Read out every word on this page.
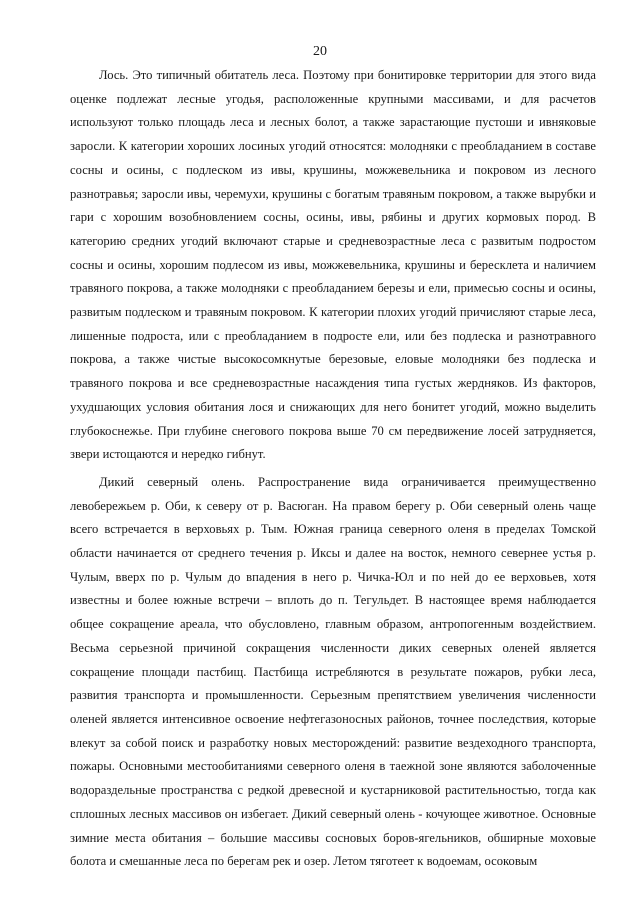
20

Лось. Это типичный обитатель леса. Поэтому при бонитировке территории для этого вида оценке подлежат лесные угодья, расположенные крупными массивами, и для расчетов используют только площадь леса и лесных болот, а также зарастающие пустоши и ивняковые заросли. К категории хороших лосиных угодий относятся: молодняки с преобладанием в составе сосны и осины, с подлеском из ивы, крушины, можжевельника и покровом из лесного разнотравья; заросли ивы, черемухи, крушины с богатым травяным покровом, а также вырубки и гари с хорошим возобновлением сосны, осины, ивы, рябины и других кормовых пород. В категорию средних угодий включают старые и средневозрастные леса с развитым подростом сосны и осины, хорошим подлесом из ивы, можжевельника, крушины и бересклета и наличием травяного покрова, а также молодняки с преобладанием березы и ели, примесью сосны и осины, развитым подлеском и травяным покровом. К категории плохих угодий причисляют старые леса, лишенные подроста, или с преобладанием в подросте ели, или без подлеска и разнотравного покрова, а также чистые высокосомкнутые березовые, еловые молодняки без подлеска и травяного покрова и все средневозрастные насаждения типа густых жердняков. Из факторов, ухудшающих условия обитания лося и снижающих для него бонитет угодий, можно выделить глубокоснежье. При глубине снегового покрова выше 70 см передвижение лосей затрудняется, звери истощаются и нередко гибнут.

Дикий северный олень. Распространение вида ограничивается преимущественно левобережьем р. Оби, к северу от р. Васюган. На правом берегу р. Оби северный олень чаще всего встречается в верховьях р. Тым. Южная граница северного оленя в пределах Томской области начинается от среднего течения р. Иксы и далее на восток, немного севернее устья р. Чулым, вверх по р. Чулым до впадения в него р. Чичка-Юл и по ней до ее верховьев, хотя известны и более южные встречи – вплоть до п. Тегульдет. В настоящее время наблюдается общее сокращение ареала, что обусловлено, главным образом, антропогенным воздействием. Весьма серьезной причиной сокращения численности диких северных оленей является сокращение площади пастбищ. Пастбища истребляются в результате пожаров, рубки леса, развития транспорта и промышленности. Серьезным препятствием увеличения численности оленей является интенсивное освоение нефтегазоносных районов, точнее последствия, которые влекут за собой поиск и разработку новых месторождений: развитие вездеходного транспорта, пожары. Основными местообитаниями северного оленя в таежной зоне являются заболоченные водораздельные пространства с редкой древесной и кустарниковой растительностью, тогда как сплошных лесных массивов он избегает. Дикий северный олень - кочующее животное. Основные зимние места обитания – большие массивы сосновых боров-ягельников, обширные моховые болота и смешанные леса по берегам рек и озер. Летом тяготеет к водоемам, осоковым
